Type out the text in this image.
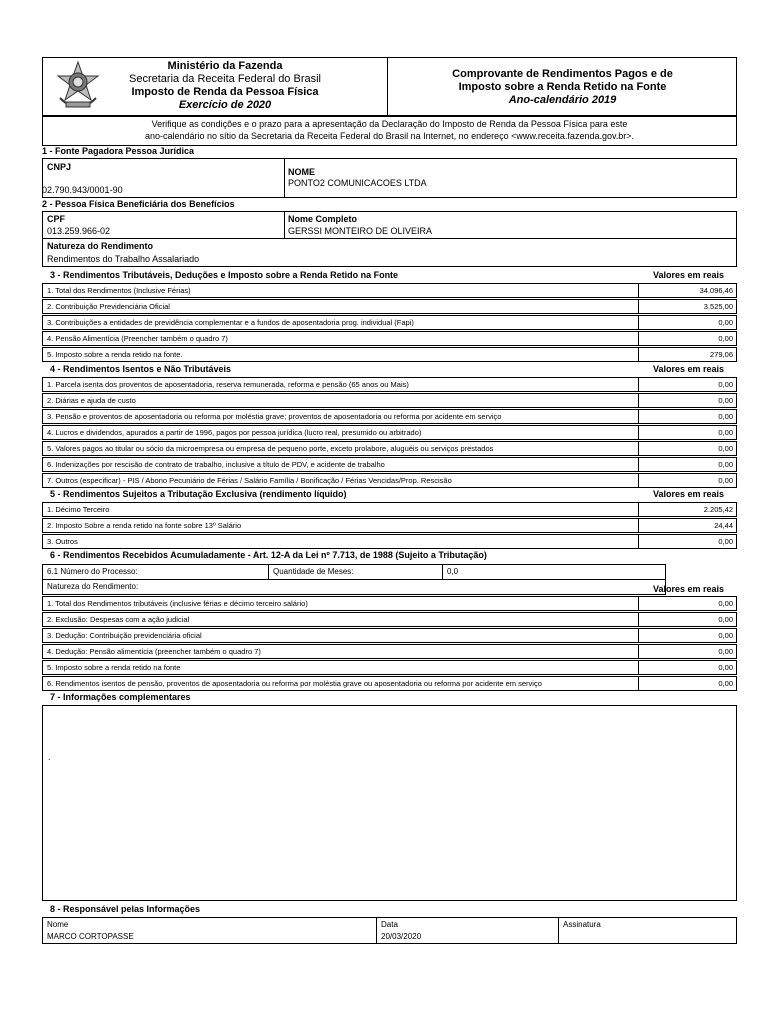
Ministério da Fazenda
Secretaria da Receita Federal do Brasil
Imposto de Renda da Pessoa Física
Exercício de 2020
Comprovante de Rendimentos Pagos e de
Imposto sobre a Renda Retido na Fonte
Ano-calendário 2019
Verifique as condições e o prazo para a apresentação da Declaração do Imposto de Renda da Pessoa Física para este
ano-calendário no sítio da Secretaria da Receita Federal do Brasil na Internet, no endereço <www.receita.fazenda.gov.br>.
1 - Fonte Pagadora Pessoa Jurídica
CNPJ
02.790.943/0001-90
NOME
PONTO2 COMUNICACOES LTDA
2 - Pessoa Física Beneficiária dos Benefícios
CPF
013.259.966-02
Nome Completo
GERSSI MONTEIRO DE OLIVEIRA
Natureza do Rendimento
Rendimentos do Trabalho Assalariado
3 - Rendimentos Tributáveis, Deduções e Imposto sobre a Renda Retido na Fonte	Valores em reais
1. Total dos Rendimentos (Inclusive Férias)	34.096,46
2. Contribuição Previdenciária Oficial	3.525,00
3. Contribuições a entidades de previdência complementar e a fundos de aposentadoria prog. individual (Fapi)	0,00
4. Pensão Alimentícia (Preencher também o quadro 7)	0,00
5. Imposto sobre a renda retido na fonte.	279,06
4 - Rendimentos Isentos e Não Tributáveis	Valores em reais
1. Parcela isenta dos proventos de aposentadoria, reserva remunerada, reforma e pensão (65 anos ou Mais)	0,00
2. Diárias e ajuda de custo	0,00
3. Pensão e proventos de aposentadoria ou reforma por moléstia grave; proventos de aposentadoria ou reforma por acidente em serviço	0,00
4. Lucros e dividendos, apurados a partir de 1996, pagos por pessoa jurídica (lucro real, presumido ou arbitrado)	0,00
5. Valores pagos ao titular ou sócio da microempresa ou empresa de pequeno porte, exceto prolabore, aluguéis ou serviços prestados	0,00
6. Indenizações por rescisão de contrato de trabalho, inclusive a título de PDV, e acidente de trabalho	0,00
7. Outros (especificar) - PIS / Abono Pecuniário de Férias / Salário Família / Bonificação / Férias Vencidas/Prop. Rescisão	0,00
5 - Rendimentos Sujeitos a Tributação Exclusiva (rendimento líquido)	Valores em reais
1. Décimo Terceiro	2.205,42
2. Imposto Sobre a renda retido na fonte sobre 13º Salário	24,44
3. Outros	0,00
6 - Rendimentos Recebidos Acumuladamente - Art. 12-A da Lei nº 7.713, de 1988 (Sujeito a Tributação)
6.1 Número do Processo:	Quantidade de Meses:	0,0
Natureza do Rendimento:	Valores em reais
1. Total dos Rendimentos tributáveis (inclusive férias e décimo terceiro salário)	0,00
2. Exclusão: Despesas com a ação judicial	0,00
3. Dedução: Contribuição previdenciária oficial	0,00
4. Dedução: Pensão alimentícia (preencher também o quadro 7)	0,00
5. Imposto sobre a renda retido na fonte	0,00
6. Rendimentos isentos de pensão, proventos de aposentadoria ou reforma por moléstia grave ou aposentadoria ou reforma por acidente em serviço	0,00
7 - Informações complementares
.
8 - Responsável pelas Informações
Nome
MARCO CORTOPASSE
Data
20/03/2020
Assinatura
